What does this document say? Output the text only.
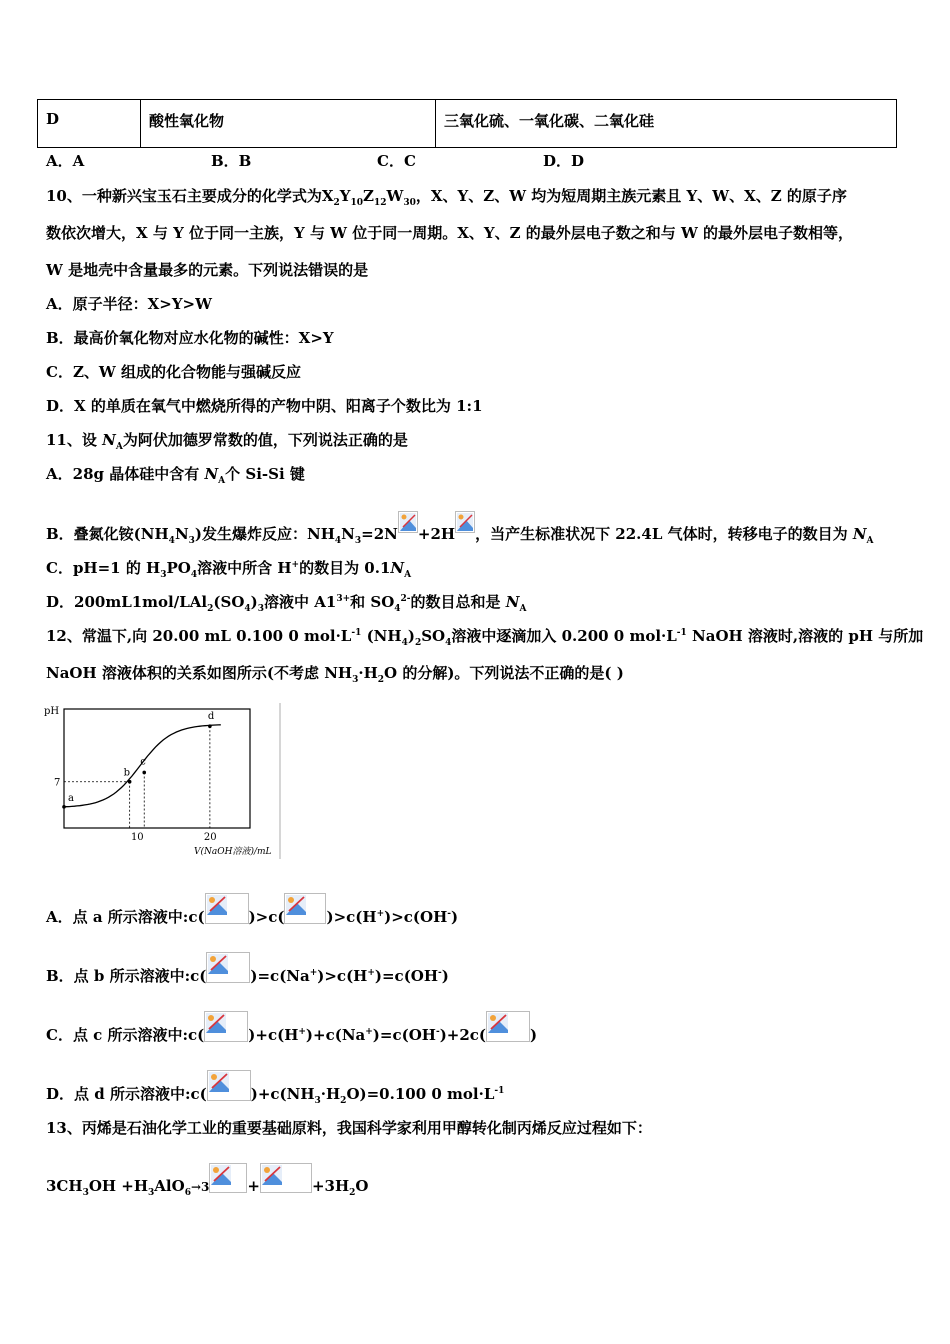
D	酸性氧化物	三氧化硫、一氧化碳、二氧化硅
A．A	B．B	C．C	D．D
10、一种新兴宝玉石主要成分的化学式为$X_2Y_{10}Z_{12}W_{30}$，X、Y、Z、W 均为短周期主族元素且 Y、W、X、Z 的原子序
数依次增大，X 与 Y 位于同一主族，Y 与 W 位于同一周期。X、Y、Z 的最外层电子数之和与 W 的最外层电子数相等，
W 是地壳中含量最多的元素。下列说法错误的是
A．原子半径：X>Y>W
B．最高价氧化物对应水化物的碱性：X>Y
C．Z、W 组成的化合物能与强碱反应
D．X 的单质在氧气中燃烧所得的产物中阴、阳离子个数比为 1:1
11、设 $N_A$为阿伏加德罗常数的值，下列说法正确的是
A．28g 晶体硅中含有 $N_A$个 Si-Si 键
B．叠氮化铵$(NH_4N_3)$发生爆炸反应：$NH_4N_3=2N +2H$ ，当产生标准状况下 22.4L 气体时，转移电子的数目为 $N_A$
C．pH=1 的 $H_3PO_4$溶液中所含 H+的数目为 $0.1N_A$
D．$200mL1mol/LAl_2(SO_4)_3$溶液中 $A1^{3+}$和 $SO_4^{2-}$的数目总和是 $N_A$
12、常温下,向 20.00 mL 0.100 0 $mol\cdot L^{-1}$ $(NH_4)_2SO_4$溶液中逐滴加入 0.200 0 $mol\cdot L^{-1}$ NaOH 溶液时,溶液的 pH 与所加
NaOH 溶液体积的关系如图所示(不考虑 $NH_3\cdot H_2O$ 的分解)。下列说法不正确的是( )
a
b
c
d
pH
7
10	20
V(NaOH溶液)/mL
A．点 a 所示溶液中:c(	)>c(	)>c(H+)>c(OH-)
B．点 b 所示溶液中:c(	)=c(Na+)>c(H+)=c(OH-)
C．点 c 所示溶液中:c(	)+c(H+)+c(Na+)=c(OH-)+2c(	)
D．点 d 所示溶液中:c(	)$+c(NH_3\cdot H_2O)=0.100$ 0 $mol\cdot L^{-1}$
13、丙烯是石油化学工业的重要基础原料，我国科学家利用甲醇转化制丙烯反应过程如下：
$3CH_3OH +H_3AlO_6\to 3$	+	$+3H_2O$
